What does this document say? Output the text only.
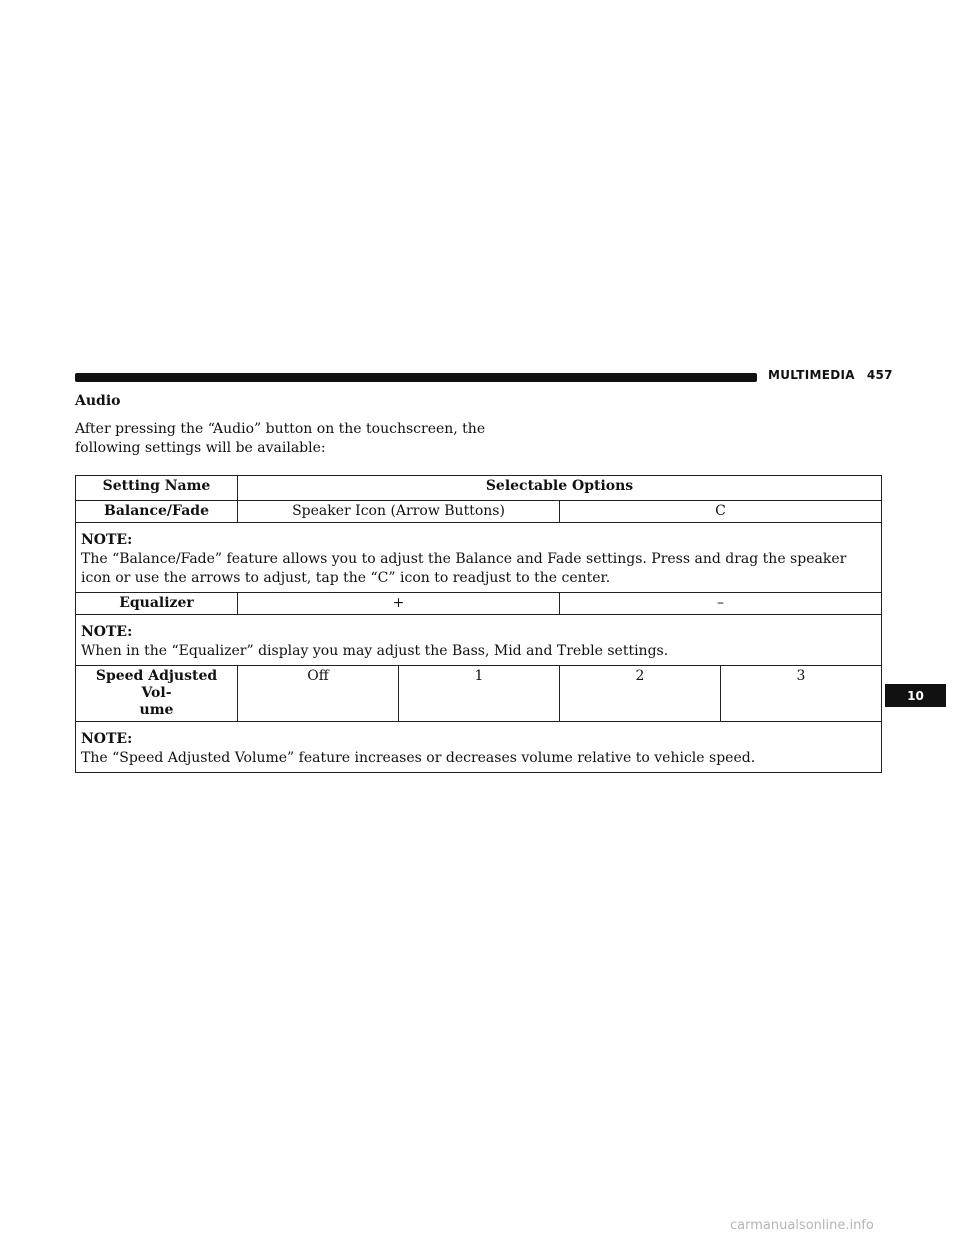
MULTIMEDIA 457
Audio
After pressing the “Audio” button on the touchscreen, the following settings will be available:
Setting Name	Selectable Options			
Balance/Fade	Speaker Icon (Arrow Buttons)		C	

NOTE:
The “Balance/Fade” feature allows you to adjust the Balance and Fade settings. Press and drag the speaker icon or use the arrows to adjust, tap the “C” icon to readjust to the center.				
Equalizer	+		–	

NOTE:
When in the “Equalizer” display you may adjust the Bass, Mid and Treble settings.				
Speed Adjusted Vol-
ume	Off	1	2	3

NOTE:
The “Speed Adjusted Volume” feature increases or decreases volume relative to vehicle speed.				
10
carmanualsonline.info
